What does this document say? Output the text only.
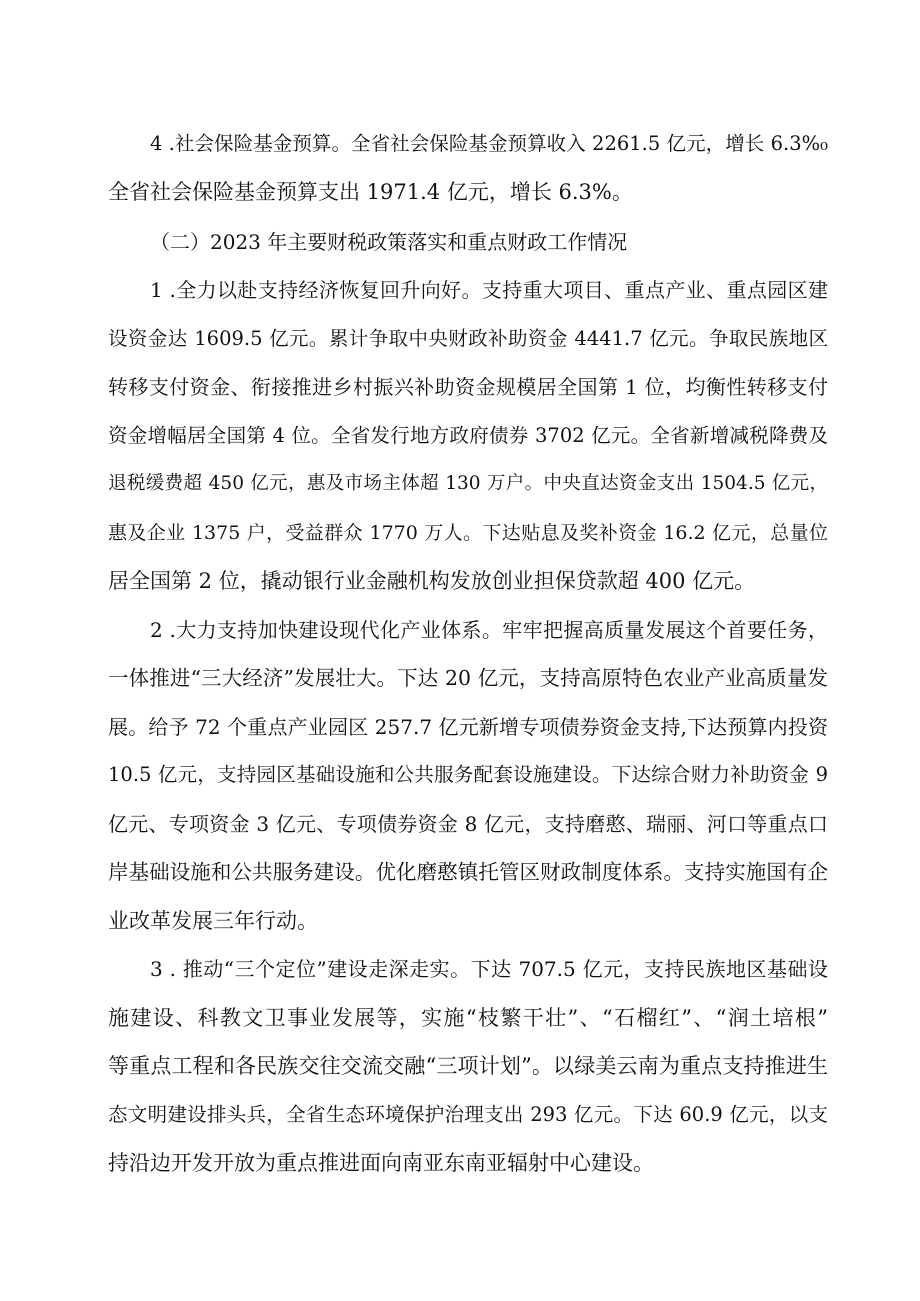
4 .社会保险基金预算。全省社会保险基金预算收入 2261.5 亿元，增长 6.3%₀
全省社会保险基金预算支出 1971.4 亿元，增长 6.3%。
（二）2023 年主要财税政策落实和重点财政工作情况
1 .全力以赴支持经济恢复回升向好。支持重大项目、重点产业、重点园区建
设资金达 1609.5 亿元。累计争取中央财政补助资金 4441.7 亿元。争取民族地区
转移支付资金、衔接推进乡村振兴补助资金规模居全国第 1 位，均衡性转移支付
资金增幅居全国第 4 位。全省发行地方政府债券 3702 亿元。全省新增减税降费及
退税缓费超 450 亿元，惠及市场主体超 130 万户。中央直达资金支出 1504.5 亿元，
惠及企业 1375 户，受益群众 1770 万人。下达贴息及奖补资金 16.2 亿元，总量位
居全国第 2 位，撬动银行业金融机构发放创业担保贷款超 400 亿元。
2 .大力支持加快建设现代化产业体系。牢牢把握高质量发展这个首要任务，
一体推进“三大经济”发展壮大。下达 20 亿元，支持高原特色农业产业高质量发
展。给予 72 个重点产业园区 257.7 亿元新增专项债券资金支持,下达预算内投资
10.5 亿元，支持园区基础设施和公共服务配套设施建设。下达综合财力补助资金 9
亿元、专项资金 3 亿元、专项债券资金 8 亿元，支持磨憨、瑞丽、河口等重点口
岸基础设施和公共服务建设。优化磨憨镇托管区财政制度体系。支持实施国有企
业改革发展三年行动。
3 . 推动“三个定位”建设走深走实。下达 707.5 亿元，支持民族地区基础设
施建设、科教文卫事业发展等，实施“枝繁干壮”、“石榴红”、“润土培根”
等重点工程和各民族交往交流交融“三项计划”。以绿美云南为重点支持推进生
态文明建设排头兵，全省生态环境保护治理支出 293 亿元。下达 60.9 亿元，以支
持沿边开发开放为重点推进面向南亚东南亚辐射中心建设。
